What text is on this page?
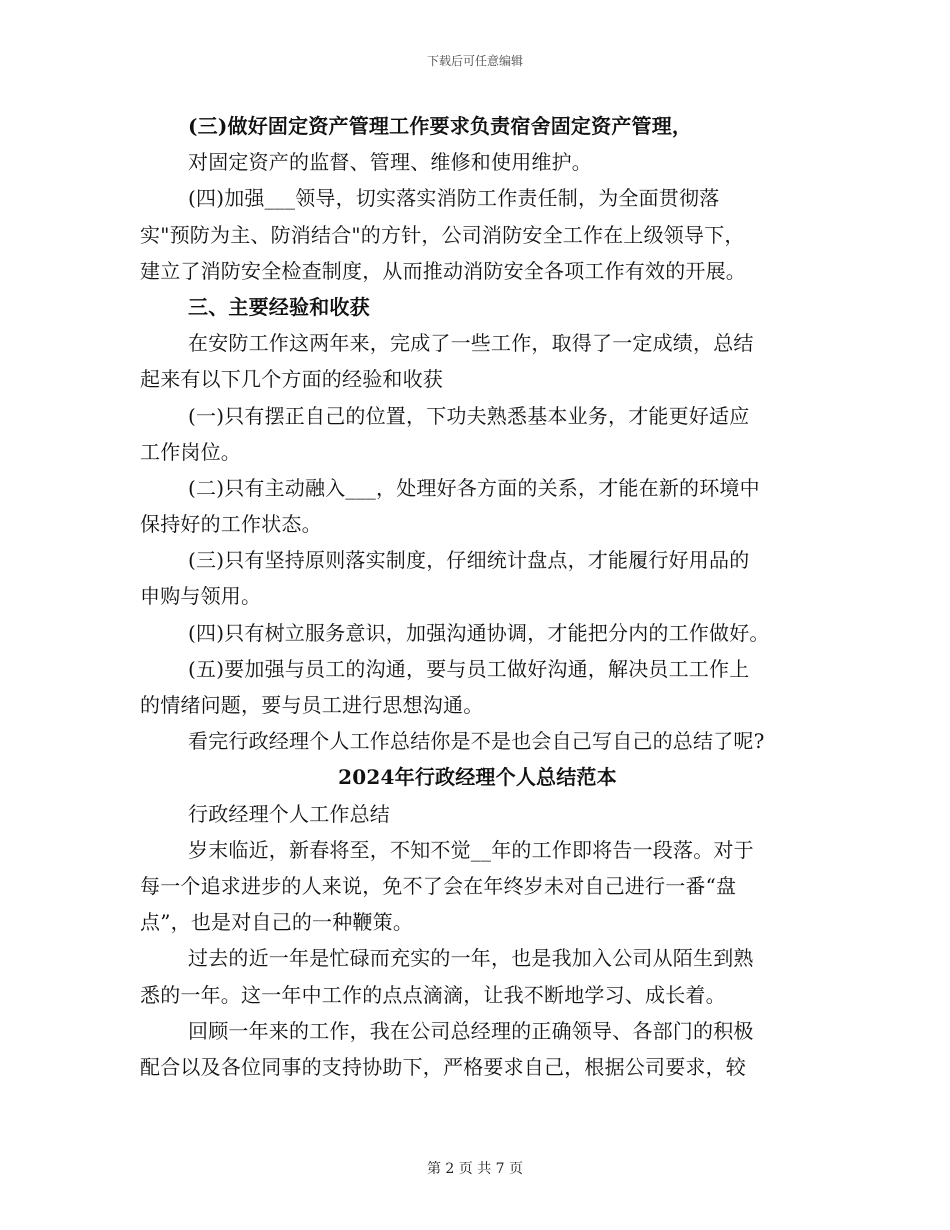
下载后可任意编辑
(三)做好固定资产管理工作要求负责宿舍固定资产管理，
对固定资产的监督、管理、维修和使用维护。
(四)加强___领导，切实落实消防工作责任制，为全面贯彻落
实"预防为主、防消结合"的方针，公司消防安全工作在上级领导下，
建立了消防安全检查制度，从而推动消防安全各项工作有效的开展。
三、主要经验和收获
在安防工作这两年来，完成了一些工作，取得了一定成绩，总结
起来有以下几个方面的经验和收获
(一)只有摆正自己的位置，下功夫熟悉基本业务，才能更好适应
工作岗位。
(二)只有主动融入___，处理好各方面的关系，才能在新的环境中
保持好的工作状态。
(三)只有坚持原则落实制度，仔细统计盘点，才能履行好用品的
申购与领用。
(四)只有树立服务意识，加强沟通协调，才能把分内的工作做好。
(五)要加强与员工的沟通，要与员工做好沟通，解决员工工作上
的情绪问题，要与员工进行思想沟通。
看完行政经理个人工作总结你是不是也会自己写自己的总结了呢?
2024年行政经理个人总结范本
行政经理个人工作总结
岁末临近，新春将至，不知不觉__年的工作即将告一段落。对于
每一个追求进步的人来说，免不了会在年终岁未对自己进行一番“盘
点”，也是对自己的一种鞭策。
过去的近一年是忙碌而充实的一年，也是我加入公司从陌生到熟
悉的一年。这一年中工作的点点滴滴，让我不断地学习、成长着。
回顾一年来的工作，我在公司总经理的正确领导、各部门的积极
配合以及各位同事的支持协助下，严格要求自己，根据公司要求，较
第 2 页 共 7 页
